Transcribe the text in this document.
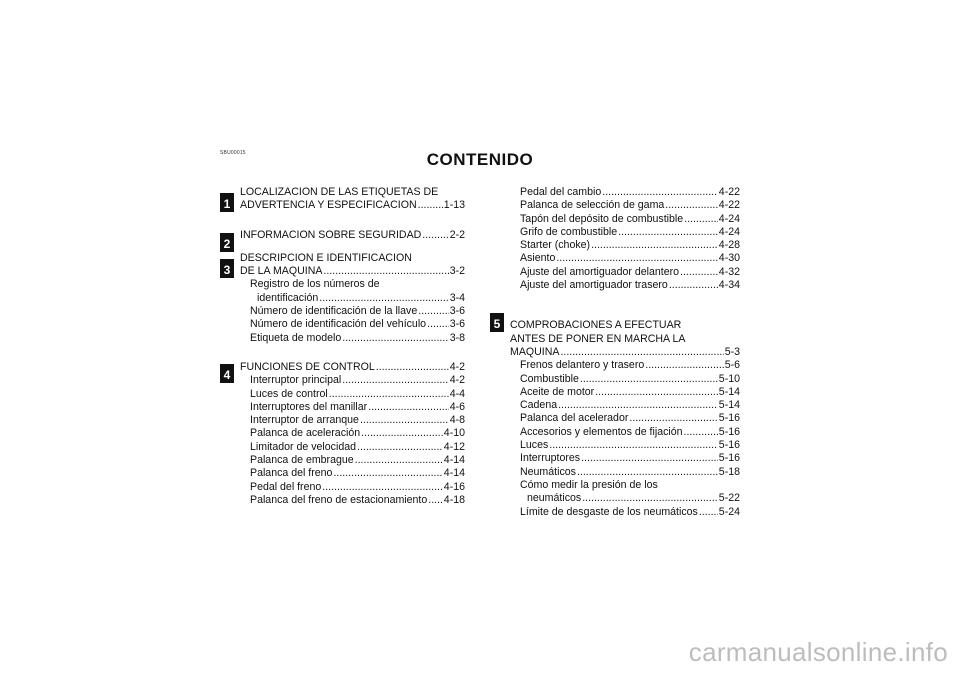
SBU00015	CONTENIDO
1
2
3
4
5
LOCALIZACION DE LAS ETIQUETAS DE
ADVERTENCIA Y ESPECIFICACION .....	1-13
INFORMACION SOBRE SEGURIDAD .....	2-2
DESCRIPCION E IDENTIFICACION
DE LA MAQUINA .....	3-2
Registro de los números de
identificación .....	3-4
Número de identificación de la llave .....	3-6
Número de identificación del vehículo ..... 3-6
Etiqueta de modelo .....	3-8
FUNCIONES DE CONTROL .....	4-2
Interruptor principal .....	4-2
Luces de control .....	4-4
Interruptores del manillar .....	4-6
Interruptor de arranque .....	4-8
Palanca de aceleración .....	4-10
Limitador de velocidad .....	4-12
Palanca de embrague .....	4-14
Palanca del freno .....	4-14
Pedal del freno .....	4-16
Palanca del freno de estacionamiento ..... 4-18
Pedal del cambio .....	4-22
Palanca de selección de gama .....	4-22
Tapón del depósito de combustible .....	4-24
Grifo de combustible .....	4-24
Starter (choke) .....	4-28
Asiento .....	4-30
Ajuste del amortiguador delantero .....	4-32
Ajuste del amortiguador trasero .....	4-34
COMPROBACIONES A EFECTUAR
ANTES DE PONER EN MARCHA LA
MAQUINA .....	5-3
Frenos delantero y trasero .....	5-6
Combustible .....	5-10
Aceite de motor .....	5-14
Cadena .....	5-14
Palanca del acelerador .....	5-16
Accesorios y elementos de fijación .....	5-16
Luces .....	5-16
Interruptores .....	5-16
Neumáticos .....	5-18
Cómo medir la presión de los
neumáticos .....	5-22
Límite de desgaste de los neumáticos ..... 5-24
carmanualsonline.info
